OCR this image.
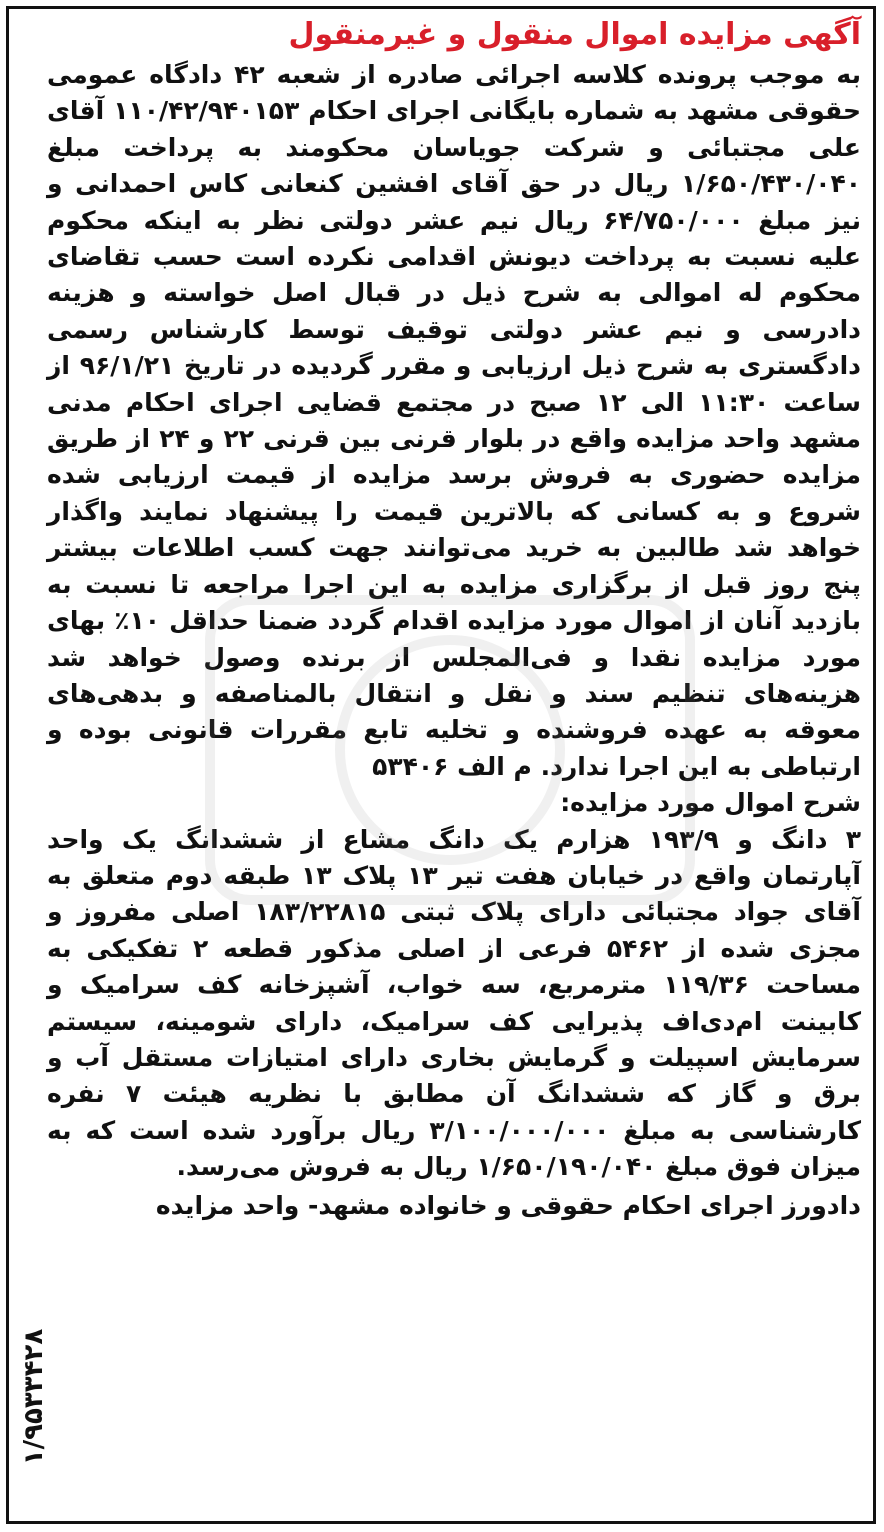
آگهی مزایده اموال منقول و غیرمنقول

به موجب پرونده کلاسه اجرائی صادره از شعبه ۴۲ دادگاه عمومی حقوقی مشهد به شماره بایگانی اجرای احکام ۱۱۰/۴۲/۹۴۰۱۵۳ آقای علی مجتبائی و شرکت جویاسان محکومند به پرداخت مبلغ ۱/۶۵۰/۴۳۰/۰۴۰ ریال در حق آقای افشین کنعانی کاس احمدانی و نیز مبلغ ۶۴/۷۵۰/۰۰۰ ریال نیم عشر دولتی نظر به اینکه محکوم علیه نسبت به پرداخت دیونش اقدامی نکرده است حسب تقاضای محکوم له اموالی به شرح ذیل در قبال اصل خواسته و هزینه دادرسی و نیم عشر دولتی توقیف توسط کارشناس رسمی دادگستری به شرح ذیل ارزیابی و مقرر گردیده در تاریخ ۹۶/۱/۲۱ از ساعت ۱۱:۳۰ الی ۱۲ صبح در مجتمع قضایی اجرای احکام مدنی مشهد واحد مزایده واقع در بلوار قرنی بین قرنی ۲۲ و ۲۴ از طریق مزایده حضوری به فروش برسد مزایده از قیمت ارزیابی شده شروع و به کسانی که بالاترین قیمت را پیشنهاد نمایند واگذار خواهد شد طالبین به خرید می‌توانند جهت کسب اطلاعات بیشتر پنج روز قبل از برگزاری مزایده به این اجرا مراجعه تا نسبت به بازدید آنان از اموال مورد مزایده اقدام گردد ضمنا حداقل ۱۰٪ بهای مورد مزایده نقدا و فی‌المجلس از برنده وصول خواهد شد هزینه‌های تنظیم سند و نقل و انتقال بالمناصفه و بدهی‌های معوقه به عهده فروشنده و تخلیه تابع مقررات قانونی بوده و ارتباطی به این اجرا ندارد. م الف ۵۳۴۰۶

شرح اموال مورد مزایده:

۳ دانگ و ۱۹۳/۹ هزارم یک دانگ مشاع از ششدانگ یک واحد آپارتمان واقع در خیابان هفت تیر ۱۳ پلاک ۱۳ طبقه دوم متعلق به آقای جواد مجتبائی دارای پلاک ثبتی ۱۸۳/۲۲۸۱۵ اصلی مفروز و مجزی شده از ۵۴۶۲ فرعی از اصلی مذکور قطعه ۲ تفکیکی به مساحت ۱۱۹/۳۶ مترمربع، سه خواب، آشپزخانه کف سرامیک و کابینت ام‌دی‌اف پذیرایی کف سرامیک، دارای شومینه، سیستم سرمایش اسپیلت و گرمایش بخاری دارای امتیازات مستقل آب و برق و گاز که ششدانگ آن مطابق با نظریه هیئت ۷ نفره کارشناسی به مبلغ ۳/۱۰۰/۰۰۰/۰۰۰ ریال برآورد شده است که به میزان فوق مبلغ ۱/۶۵۰/۱۹۰/۰۴۰ ریال به فروش می‌رسد.

دادورز اجرای احکام حقوقی و خانواده مشهد- واحد مزایده

۱/۹۵۳۳۴۲۸
